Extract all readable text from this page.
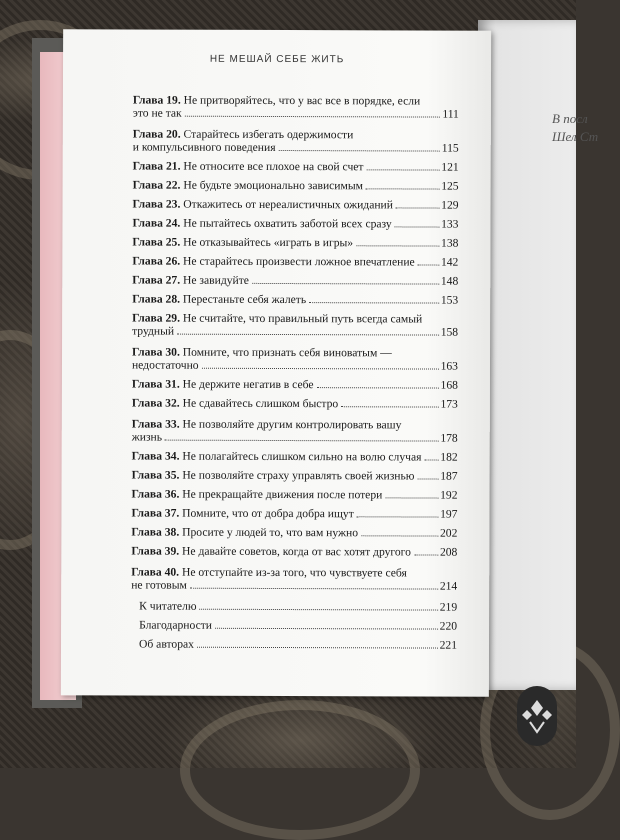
В посл
Шел Ст
НЕ МЕШАЙ СЕБЕ ЖИТЬ
Глава 19. Не притворяйтесь, что у вас все в порядке, если
это не так	111
Глава 20. Старайтесь избегать одержимости
и компульсивного поведения	115
Глава 21. Не относите все плохое на свой счет	121
Глава 22. Не будьте эмоционально зависимым	125
Глава 23. Откажитесь от нереалистичных ожиданий	129
Глава 24. Не пытайтесь охватить заботой всех сразу	133
Глава 25. Не отказывайтесь «играть в игры»	138
Глава 26. Не старайтесь произвести ложное впечатление 142
Глава 27. Не завидуйте	148
Глава 28. Перестаньте себя жалеть	153
Глава 29. Не считайте, что правильный путь всегда самый
трудный	158
Глава 30. Помните, что признать себя виноватым —
недостаточно	163
Глава 31. Не держите негатив в себе	168
Глава 32. Не сдавайтесь слишком быстро	173
Глава 33. Не позволяйте другим контролировать вашу
жизнь	178
Глава 34. Не полагайтесь слишком сильно на волю случая 182
Глава 35. Не позволяйте страху управлять своей жизнью 187
Глава 36. Не прекращайте движения после потери	192
Глава 37. Помните, что от добра добра ищут	197
Глава 38. Просите у людей то, что вам нужно	202
Глава 39. Не давайте советов, когда от вас хотят другого 208
Глава 40. Не отступайте из-за того, что чувствуете себя
не готовым	214
К читателю	219
Благодарности	220
Об авторах	221
